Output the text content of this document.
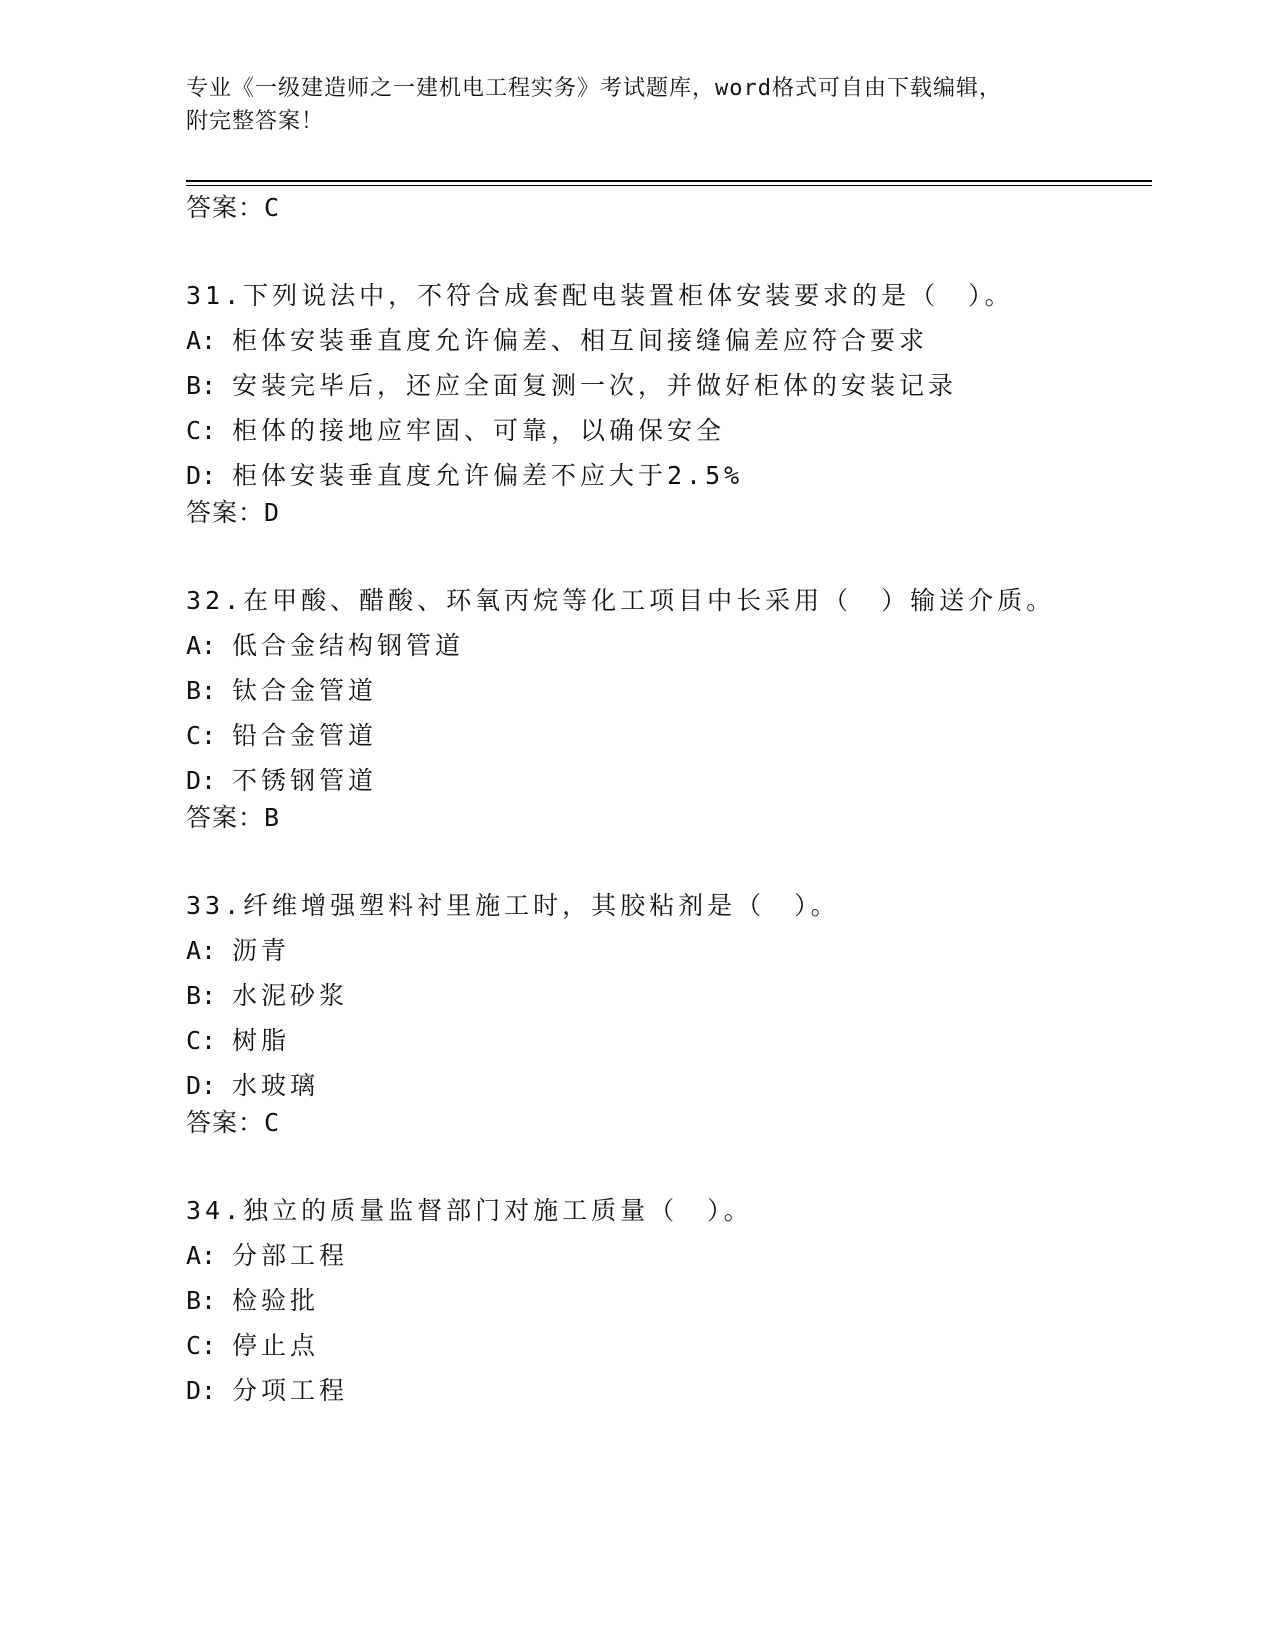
专业《一级建造师之一建机电工程实务》考试题库，word格式可自由下载编辑，
附完整答案！
答案：C
31.下列说法中，不符合成套配电装置柜体安装要求的是（　）。
A: 柜体安装垂直度允许偏差、相互间接缝偏差应符合要求
B: 安装完毕后，还应全面复测一次，并做好柜体的安装记录
C: 柜体的接地应牢固、可靠，以确保安全
D: 柜体安装垂直度允许偏差不应大于2.5%
答案：D
32.在甲酸、醋酸、环氧丙烷等化工项目中长采用（　）输送介质。
A: 低合金结构钢管道
B: 钛合金管道
C: 铅合金管道
D: 不锈钢管道
答案：B
33.纤维增强塑料衬里施工时，其胶粘剂是（　）。
A: 沥青
B: 水泥砂浆
C: 树脂
D: 水玻璃
答案：C
34.独立的质量监督部门对施工质量（　）。
A: 分部工程
B: 检验批
C: 停止点
D: 分项工程
